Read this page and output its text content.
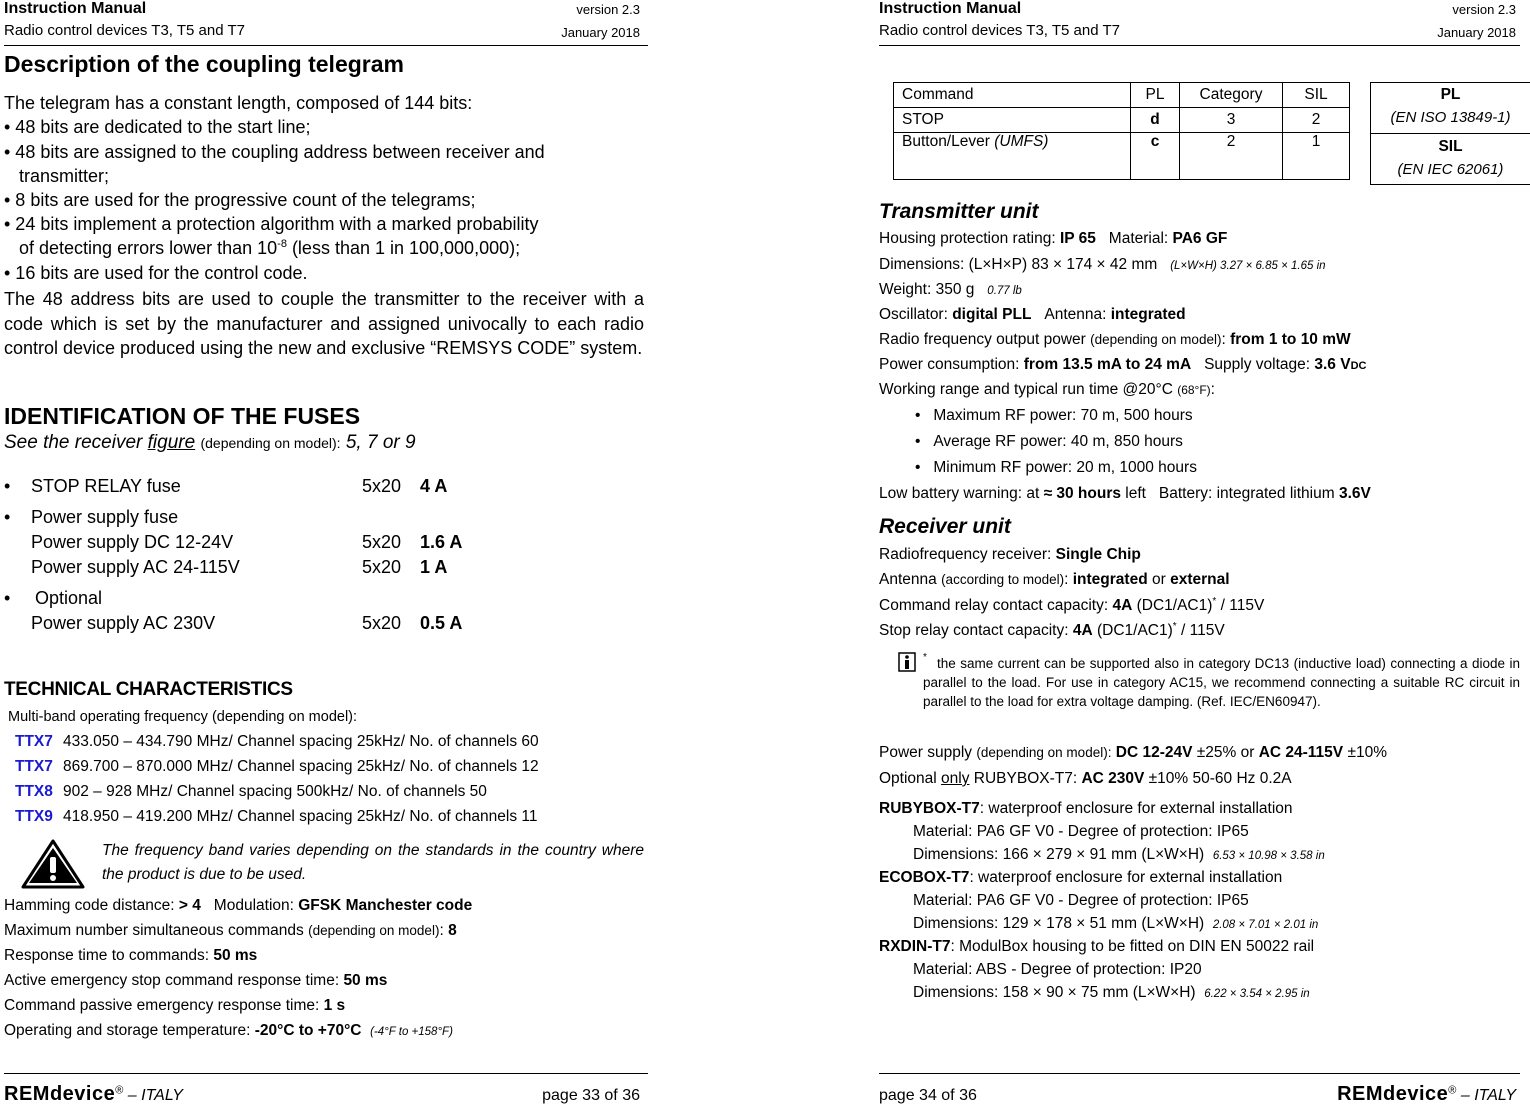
Instruction Manual	version 2.3
Radio control devices T3, T5 and T7	January 2018
Description of the coupling telegram
The telegram has a constant length, composed of 144 bits:
• 48 bits are dedicated to the start line;
• 48 bits are assigned to the coupling address between receiver and
transmitter;
• 8 bits are used for the progressive count of the telegrams;
• 24 bits implement a protection algorithm with a marked probability
of detecting errors lower than $10^{-8}$ (less than 1 in 100,000,000);
• 16 bits are used for the control code.
The 48 address bits are used to couple the transmitter to the receiver with a code which is set by the manufacturer and assigned univocally to each radio control device produced using the new and exclusive “REMSYS CODE” system.
IDENTIFICATION OF THE FUSES
See the receiver figure (depending on model): 5, 7 or 9
• STOP RELAY fuse	5x20 4 A
• Power supply fuse
Power supply DC 12-24V	5x20 1.6 A
Power supply AC 24-115V	5x20 1 A
• Optional
Power supply AC 230V	5x20 0.5 A
TECHNICAL CHARACTERISTICS
Multi-band operating frequency (depending on model):
TTX7 433.050 – 434.790 MHz/ Channel spacing 25kHz/ No. of channels 60
TTX7 869.700 – 870.000 MHz/ Channel spacing 25kHz/ No. of channels 12
TTX8 902 – 928 MHz/ Channel spacing 500kHz/ No. of channels 50
TTX9 418.950 – 419.200 MHz/ Channel spacing 25kHz/ No. of channels 11
The frequency band varies depending on the standards in the country where the product is due to be used.
Hamming code distance: > 4 Modulation: GFSK Manchester code
Maximum number simultaneous commands (depending on model): 8
Response time to commands: 50 ms
Active emergency stop command response time: 50 ms
Command passive emergency response time: 1 s
Operating and storage temperature: -20°C to +70°C (-4°F to +158°F)
REMdevice® – ITALY	page 33 of 36
Instruction Manual	version 2.3
Radio control devices T3, T5 and T7	January 2018
Command	PL	Category	SIL
STOP	d	3	2
Button/Lever (UMFS)	c	2	1
PL
(EN ISO 13849-1)
SIL
(EN IEC 62061)
Transmitter unit
Housing protection rating: IP 65 Material: PA6 GF
Dimensions: (L×H×P) 83 × 174 × 42 mm (L×W×H) 3.27 × 6.85 × 1.65 in
Weight: 350 g 0.77 lb
Oscillator: digital PLL Antenna: integrated
Radio frequency output power (depending on model): from 1 to 10 mW
Power consumption: from 13.5 mA to 24 mA Supply voltage: 3.6 VDC
Working range and typical run time @20°C (68°F):
•   Maximum RF power: 70 m, 500 hours
•   Average RF power: 40 m, 850 hours
•   Minimum RF power: 20 m, 1000 hours
Low battery warning: at ≈ 30 hours left Battery: integrated lithium 3.6V
Receiver unit
Radiofrequency receiver: Single Chip
Antenna (according to model): integrated or external
Command relay contact capacity: 4A (DC1/AC1)* / 115V
Stop relay contact capacity: 4A (DC1/AC1)* / 115V
* the same current can be supported also in category DC13 (inductive load) connecting a diode in parallel to the load. For use in category AC15, we recommend connecting a suitable RC circuit in parallel to the load for extra voltage damping. (Ref. IEC/EN60947).
Power supply (depending on model): DC 12-24V ±25% or AC 24-115V ±10%
Optional only RUBYBOX-T7: AC 230V ±10% 50-60 Hz 0.2A
RUBYBOX-T7: waterproof enclosure for external installation
Material: PA6 GF V0 - Degree of protection: IP65
Dimensions: 166 × 279 × 91 mm (L×W×H) 6.53 × 10.98 × 3.58 in
ECOBOX-T7: waterproof enclosure for external installation
Material: PA6 GF V0 - Degree of protection: IP65
Dimensions: 129 × 178 × 51 mm (L×W×H) 2.08 × 7.01 × 2.01 in
RXDIN-T7: ModulBox housing to be fitted on DIN EN 50022 rail
Material: ABS - Degree of protection: IP20
Dimensions: 158 × 90 × 75 mm (L×W×H) 6.22 × 3.54 × 2.95 in
page 34 of 36	REMdevice® – ITALY
